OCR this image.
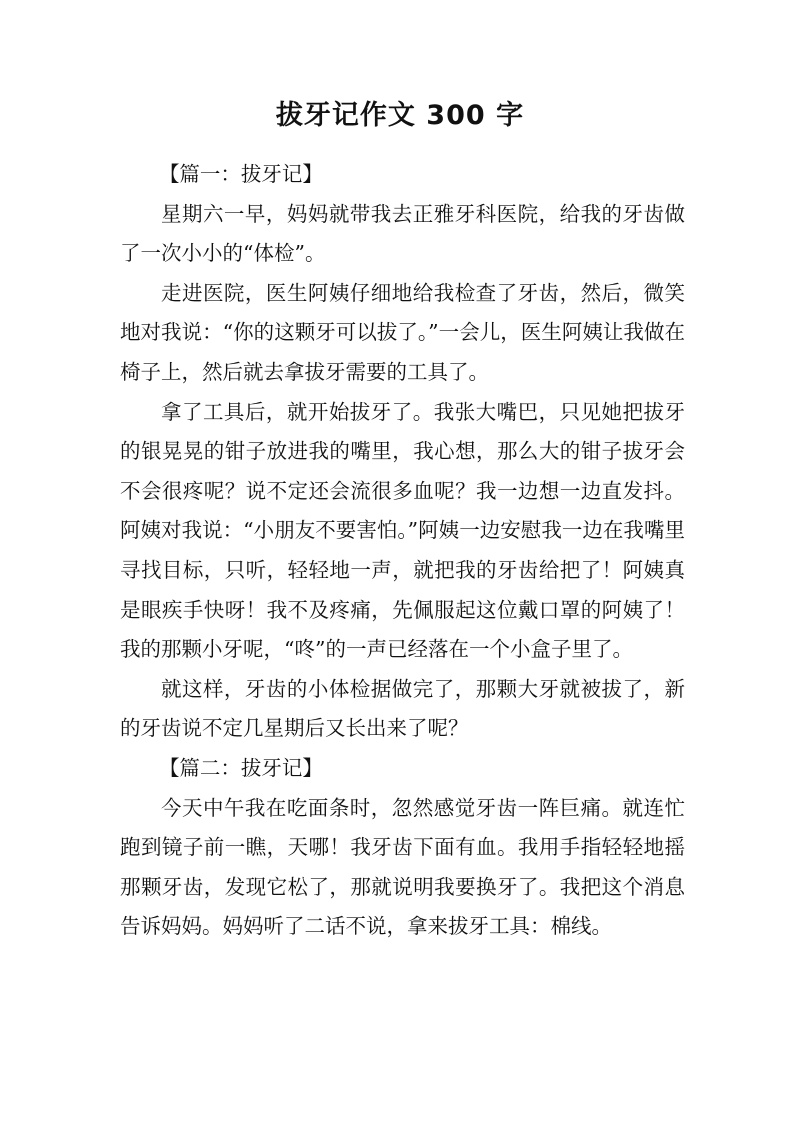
拔牙记作文 300 字

【篇一：拔牙记】

星期六一早，妈妈就带我去正雅牙科医院，给我的牙齿做了一次小小的“体检”。

走进医院，医生阿姨仔细地给我检查了牙齿，然后，微笑地对我说：“你的这颗牙可以拔了。”一会儿，医生阿姨让我做在椅子上，然后就去拿拔牙需要的工具了。

拿了工具后，就开始拔牙了。我张大嘴巴，只见她把拔牙的银晃晃的钳子放进我的嘴里，我心想，那么大的钳子拔牙会不会很疼呢？说不定还会流很多血呢？我一边想一边直发抖。阿姨对我说：“小朋友不要害怕。”阿姨一边安慰我一边在我嘴里寻找目标，只听，轻轻地一声，就把我的牙齿给把了！阿姨真是眼疾手快呀！我不及疼痛，先佩服起这位戴口罩的阿姨了！我的那颗小牙呢，“咚”的一声已经落在一个小盒子里了。

就这样，牙齿的小体检据做完了，那颗大牙就被拔了，新的牙齿说不定几星期后又长出来了呢？

【篇二：拔牙记】

今天中午我在吃面条时，忽然感觉牙齿一阵巨痛。就连忙跑到镜子前一瞧，天哪！我牙齿下面有血。我用手指轻轻地摇那颗牙齿，发现它松了，那就说明我要换牙了。我把这个消息告诉妈妈。妈妈听了二话不说，拿来拔牙工具：棉线。
